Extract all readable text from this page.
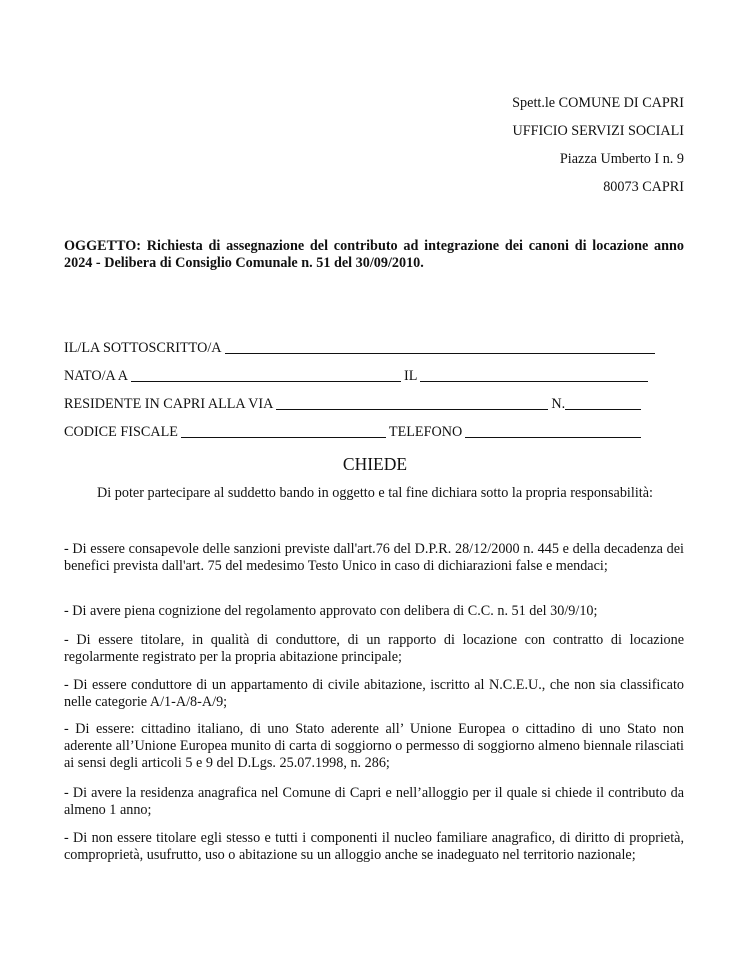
Spett.le COMUNE DI CAPRI
UFFICIO SERVIZI SOCIALI
Piazza Umberto I n. 9
80073 CAPRI
OGGETTO: Richiesta di assegnazione del contributo ad integrazione dei canoni di locazione anno 2024 - Delibera di Consiglio Comunale n. 51 del 30/09/2010.
IL/LA SOTTOSCRITTO/A
NATO/A A	IL
RESIDENTE IN CAPRI ALLA VIA	N.
CODICE FISCALE	TELEFONO
CHIEDE
Di poter partecipare al suddetto bando in oggetto e tal fine dichiara sotto la propria responsabilità:
- Di essere consapevole delle sanzioni previste dall'art.76 del D.P.R. 28/12/2000 n. 445 e della decadenza dei benefici prevista dall'art. 75 del medesimo Testo Unico in caso di dichiarazioni false e mendaci;
- Di avere piena cognizione del regolamento approvato con delibera di C.C. n. 51 del 30/9/10;
- Di essere titolare, in qualità di conduttore, di un rapporto di locazione con contratto di locazione regolarmente registrato per la propria abitazione principale;
- Di essere conduttore di un appartamento di civile abitazione, iscritto al N.C.E.U., che non sia classificato nelle categorie A/1-A/8-A/9;
- Di essere: cittadino italiano, di uno Stato aderente all’ Unione Europea o cittadino di uno Stato non aderente all’Unione Europea munito di carta di soggiorno o permesso di soggiorno almeno biennale rilasciati ai sensi degli articoli 5 e 9 del D.Lgs. 25.07.1998, n. 286;
- Di avere la residenza anagrafica nel Comune di Capri e nell’alloggio per il quale si chiede il contributo da almeno 1 anno;
- Di non essere titolare egli stesso e tutti i componenti il nucleo familiare anagrafico, di diritto di proprietà, comproprietà, usufrutto, uso o abitazione su un alloggio anche se inadeguato nel territorio nazionale;
